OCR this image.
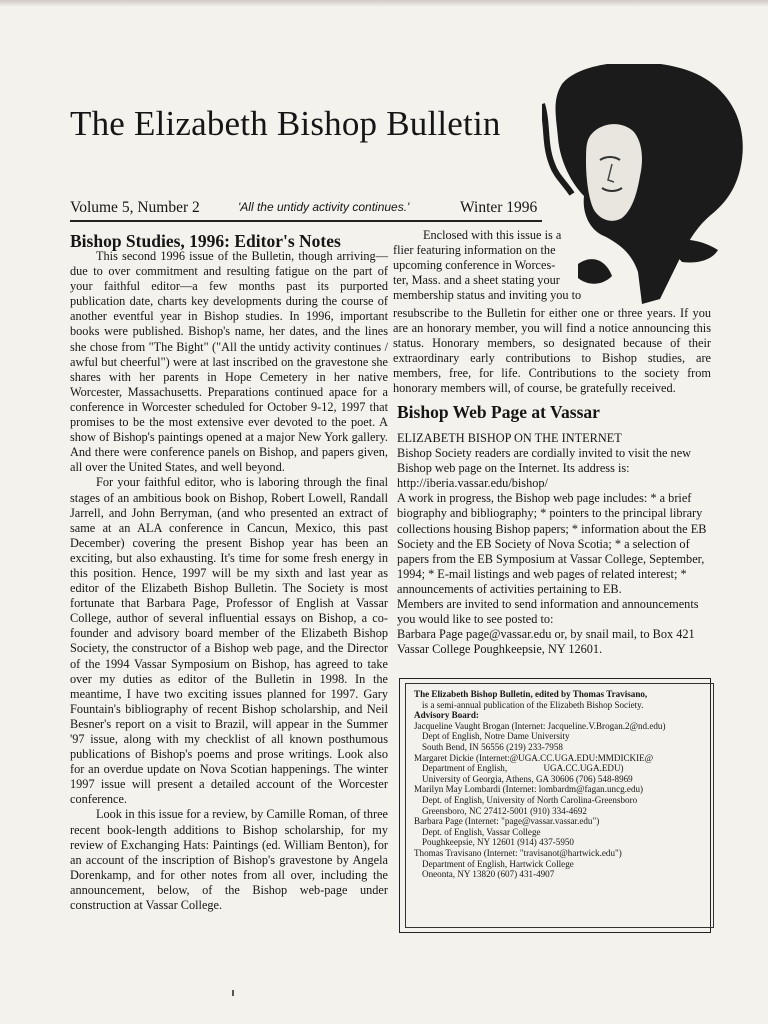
The Elizabeth Bishop Bulletin
Volume 5, Number 2	'All the untidy activity continues.'	Winter 1996
Bishop Studies, 1996: Editor's Notes

This second 1996 issue of the Bulletin, though arriving— due to over commitment and resulting fatigue on the part of your faithful editor—a few months past its purported publication date, charts key developments during the course of another eventful year in Bishop studies. In 1996, important books were published. Bishop's name, her dates, and the lines she chose from "The Bight" ("All the untidy activity continues / awful but cheerful") were at last inscribed on the gravestone she shares with her parents in Hope Cemetery in her native Worcester, Massachusetts. Preparations continued apace for a conference in Worcester scheduled for October 9-12, 1997 that promises to be the most extensive ever devoted to the poet. A show of Bishop's paintings opened at a major New York gallery. And there were conference panels on Bishop, and papers given, all over the United States, and well beyond.

For your faithful editor, who is laboring through the final stages of an ambitious book on Bishop, Robert Lowell, Randall Jarrell, and John Berryman, (and who presented an extract of same at an ALA conference in Cancun, Mexico, this past December) covering the present Bishop year has been an exciting, but also exhausting. It's time for some fresh energy in this position. Hence, 1997 will be my sixth and last year as editor of the Elizabeth Bishop Bulletin. The Society is most fortunate that Barbara Page, Professor of English at Vassar College, author of several influential essays on Bishop, a co-founder and advisory board member of the Elizabeth Bishop Society, the constructor of a Bishop web page, and the Director of the 1994 Vassar Symposium on Bishop, has agreed to take over my duties as editor of the Bulletin in 1998. In the meantime, I have two exciting issues planned for 1997. Gary Fountain's bibliography of recent Bishop scholarship, and Neil Besner's report on a visit to Brazil, will appear in the Summer '97 issue, along with my checklist of all known posthumous publications of Bishop's poems and prose writings. Look also for an overdue update on Nova Scotian happenings. The winter 1997 issue will present a detailed account of the Worcester conference.

Look in this issue for a review, by Camille Roman, of three recent book-length additions to Bishop scholarship, for my review of Exchanging Hats: Paintings (ed. William Benton), for an account of the inscription of Bishop's gravestone by Angela Dorenkamp, and for other notes from all over, including the announcement, below, of the Bishop web-page under construction at Vassar College.

Enclosed with this issue is a
flier featuring information on the
upcoming conference in Worces-
ter, Mass. and a sheet stating your
membership status and inviting you to
resubscribe to the Bulletin for either one or three years. If you are an honorary member, you will find a notice announcing this status. Honorary members, so designated because of their extraordinary early contributions to Bishop studies, are members, free, for life. Contributions to the society from honorary members will, of course, be gratefully received.
Bishop Web Page at Vassar

ELIZABETH BISHOP ON THE INTERNET

Bishop Society readers are cordially invited to visit the new Bishop web page on the Internet. Its address is:

http://iberia.vassar.edu/bishop/

A work in progress, the Bishop web page includes: * a brief biography and bibliography; * pointers to the principal library collections housing Bishop papers; * information about the EB Society and the EB Society of Nova Scotia; * a selection of papers from the EB Symposium at Vassar College, September, 1994; * E-mail listings and web pages of related interest; * announcements of activities pertaining to EB.

Members are invited to send information and announcements you would like to see posted to:

Barbara Page page@vassar.edu or, by snail mail, to Box 421 Vassar College Poughkeepsie, NY 12601.

The Elizabeth Bishop Bulletin, edited by Thomas Travisano,

is a semi-annual publication of the Elizabeth Bishop Society.

Advisory Board:

Jacqueline Vaught Brogan (Internet: Jacqueline.V.Brogan.2@nd.edu)

Dept of English, Notre Dame University

South Bend, IN 56556 (219) 233-7958

Margaret Dickie (Internet:@UGA.CC.UGA.EDU:MMDICKIE@

Department of English,                UGA.CC.UGA.EDU)

University of Georgia, Athens, GA 30606 (706) 548-8969

Marilyn May Lombardi (Internet: lombardm@fagan.uncg.edu)

Dept. of English, University of North Carolina-Greensboro

Greensboro, NC 27412-5001 (910) 334-4692

Barbara Page (Internet: "page@vassar.vassar.edu")

Dept. of English, Vassar College

Poughkeepsie, NY 12601 (914) 437-5950

Thomas Travisano (Internet: "travisanot@hartwick.edu")

Department of English, Hartwick College

Oneonta, NY 13820 (607) 431-4907
